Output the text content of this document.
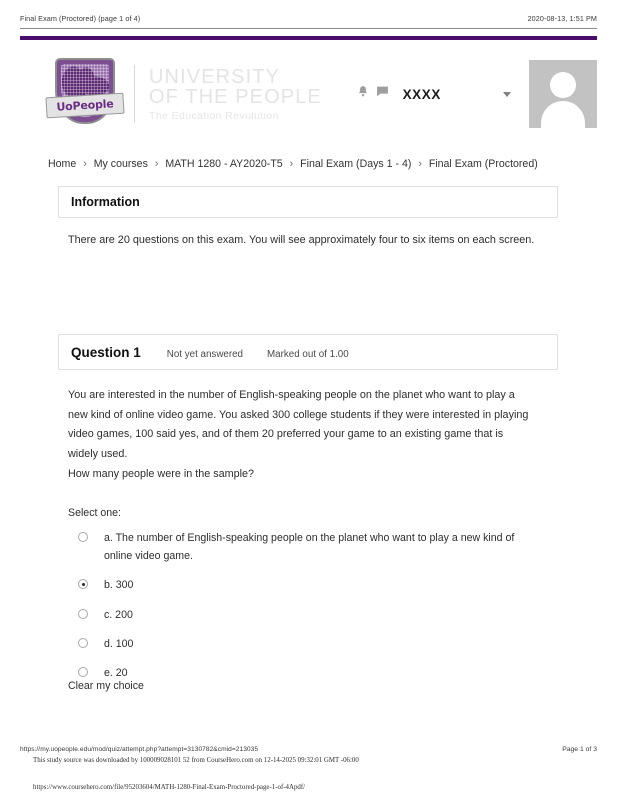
Final Exam (Proctored) (page 1 of 4)	2020-08-13, 1:51 PM
UoPeople
UNIVERSITY
OF THE PEOPLE
The Education Revolution
XXXX
Home › My courses › MATH 1280 - AY2020-T5 › Final Exam (Days 1 - 4) › Final Exam (Proctored)
Information
There are 20 questions on this exam. You will see approximately four to six items on each screen.
Question 1	Not yet answered Marked out of 1.00
You are interested in the number of English-speaking people on the planet who want to play a new kind of online video game. You asked 300 college students if they were interested in playing video games, 100 said yes, and of them 20 preferred your game to an existing game that is widely used.
How many people were in the sample?
Select one:
a. The number of English-speaking people on the planet who want to play a new kind of online video game.
b. 300
c. 200
d. 100
e. 20
Clear my choice
https://my.uopeople.edu/mod/quiz/attempt.php?attempt=3130782&cmid=213035	Page 1 of 3
This study source was downloaded by 100009028101 52 from CourseHero.com on 12-14-2025 09:32:01 GMT -06:00
https://www.coursehero.com/file/95203604/MATH-1280-Final-Exam-Proctored-page-1-of-4Apdf/
